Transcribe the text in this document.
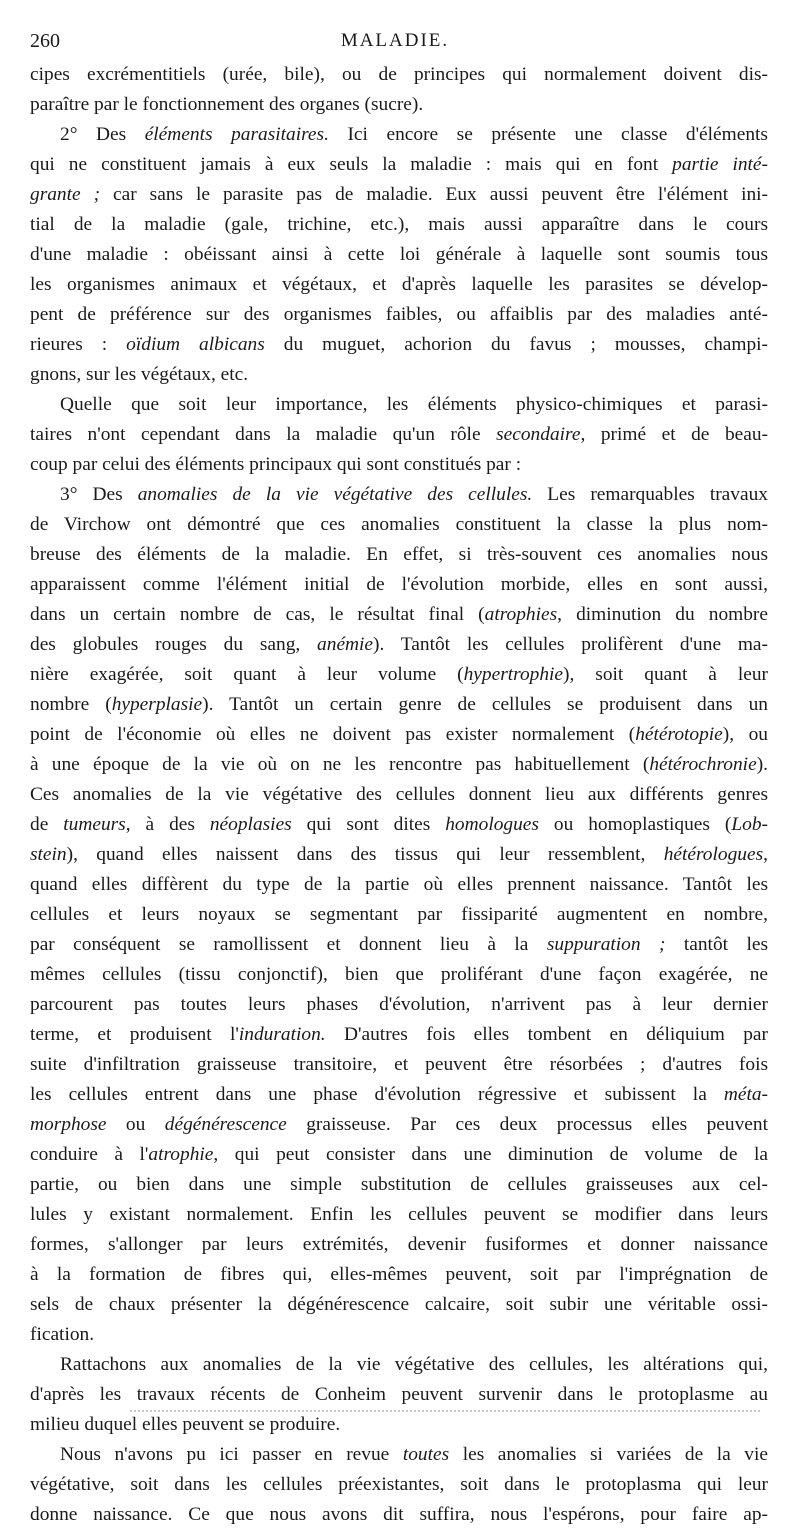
260	MALADIE.
cipes excrémentitiels (urée, bile), ou de principes qui normalement doivent dis-
paraître par le fonctionnement des organes (sucre).
2° Des éléments parasitaires. Ici encore se présente une classe d'éléments
qui ne constituent jamais à eux seuls la maladie : mais qui en font partie inté-
grante ; car sans le parasite pas de maladie. Eux aussi peuvent être l'élément ini-
tial de la maladie (gale, trichine, etc.), mais aussi apparaître dans le cours
d'une maladie : obéissant ainsi à cette loi générale à laquelle sont soumis tous
les organismes animaux et végétaux, et d'après laquelle les parasites se dévelop-
pent de préférence sur des organismes faibles, ou affaiblis par des maladies anté-
rieures : oïdium albicans du muguet, achorion du favus ; mousses, champi-
gnons, sur les végétaux, etc.
Quelle que soit leur importance, les éléments physico-chimiques et parasi-
taires n'ont cependant dans la maladie qu'un rôle secondaire, primé et de beau-
coup par celui des éléments principaux qui sont constitués par :
3° Des anomalies de la vie végétative des cellules. Les remarquables travaux
de Virchow ont démontré que ces anomalies constituent la classe la plus nom-
breuse des éléments de la maladie. En effet, si très-souvent ces anomalies nous
apparaissent comme l'élément initial de l'évolution morbide, elles en sont aussi,
dans un certain nombre de cas, le résultat final (atrophies, diminution du nombre
des globules rouges du sang, anémie). Tantôt les cellules prolifèrent d'une ma-
nière exagérée, soit quant à leur volume (hypertrophie), soit quant à leur
nombre (hyperplasie). Tantôt un certain genre de cellules se produisent dans un
point de l'économie où elles ne doivent pas exister normalement (hétérotopie), ou
à une époque de la vie où on ne les rencontre pas habituellement (hétérochronie).
Ces anomalies de la vie végétative des cellules donnent lieu aux différents genres
de tumeurs, à des néoplasies qui sont dites homologues ou homoplastiques (Lob-
stein), quand elles naissent dans des tissus qui leur ressemblent, hétérologues,
quand elles diffèrent du type de la partie où elles prennent naissance. Tantôt les
cellules et leurs noyaux se segmentant par fissiparité augmentent en nombre,
par conséquent se ramollissent et donnent lieu à la suppuration ; tantôt les
mêmes cellules (tissu conjonctif), bien que proliférant d'une façon exagérée, ne
parcourent pas toutes leurs phases d'évolution, n'arrivent pas à leur dernier
terme, et produisent l'induration. D'autres fois elles tombent en déliquium par
suite d'infiltration graisseuse transitoire, et peuvent être résorbées ; d'autres fois
les cellules entrent dans une phase d'évolution régressive et subissent la méta-
morphose ou dégénérescence graisseuse. Par ces deux processus elles peuvent
conduire à l'atrophie, qui peut consister dans une diminution de volume de la
partie, ou bien dans une simple substitution de cellules graisseuses aux cel-
lules y existant normalement. Enfin les cellules peuvent se modifier dans leurs
formes, s'allonger par leurs extrémités, devenir fusiformes et donner naissance
à la formation de fibres qui, elles-mêmes peuvent, soit par l'imprégnation de
sels de chaux présenter la dégénérescence calcaire, soit subir une véritable ossi-
fication.
Rattachons aux anomalies de la vie végétative des cellules, les altérations qui,
d'après les travaux récents de Conheim peuvent survenir dans le protoplasme au
milieu duquel elles peuvent se produire.
Nous n'avons pu ici passer en revue toutes les anomalies si variées de la vie
végétative, soit dans les cellules préexistantes, soit dans le protoplasma qui leur
donne naissance. Ce que nous avons dit suffira, nous l'espérons, pour faire ap-
